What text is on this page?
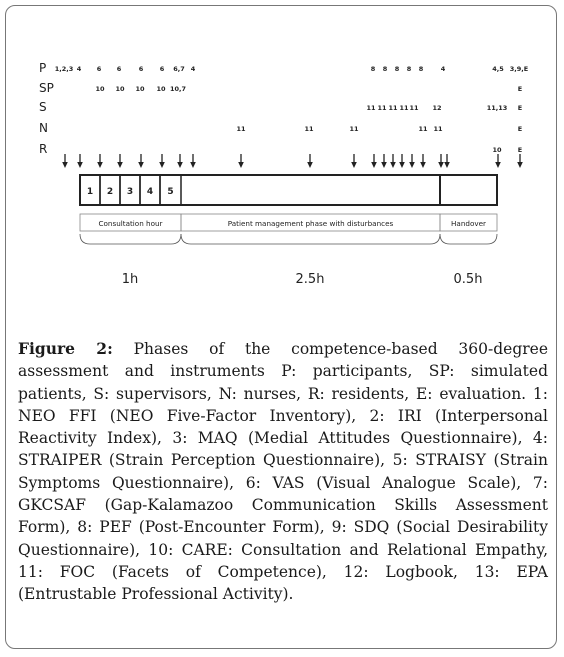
P 1,2,3 4 6 6	6	6 6,7 4	8 8 8 8 8	4	4,5 3,9,E
SP	10 10 10 10 10,7	E
S	11 11 11 11 11 12	11,13 E
N	11	11	11	11 11	E
R	10	E
1 2 3 4 5
Consultation hour	Patient management phase with disturbances	Handover
1h	2.5h	0.5h

Figure 2: Phases of the competence-based 360-degree assessment and instruments P: participants, SP: simulated patients, S: supervisors, N: nurses, R: residents, E: evaluation. 1: NEO FFI (NEO Five-Factor Inventory), 2: IRI (Interpersonal Reactivity Index), 3: MAQ (Medial Attitudes Questionnaire), 4: STRAIPER (Strain Perception Questionnaire), 5: STRAISY (Strain Symptoms Questionnaire), 6: VAS (Visual Analogue Scale), 7: GKCSAF (Gap-Kalamazoo Communication Skills Assessment Form), 8: PEF (Post-Encounter Form), 9: SDQ (Social Desirability Questionnaire), 10: CARE: Consultation and Relational Empathy, 11: FOC (Facets of Competence), 12: Logbook, 13: EPA (Entrustable Professional Activity).
